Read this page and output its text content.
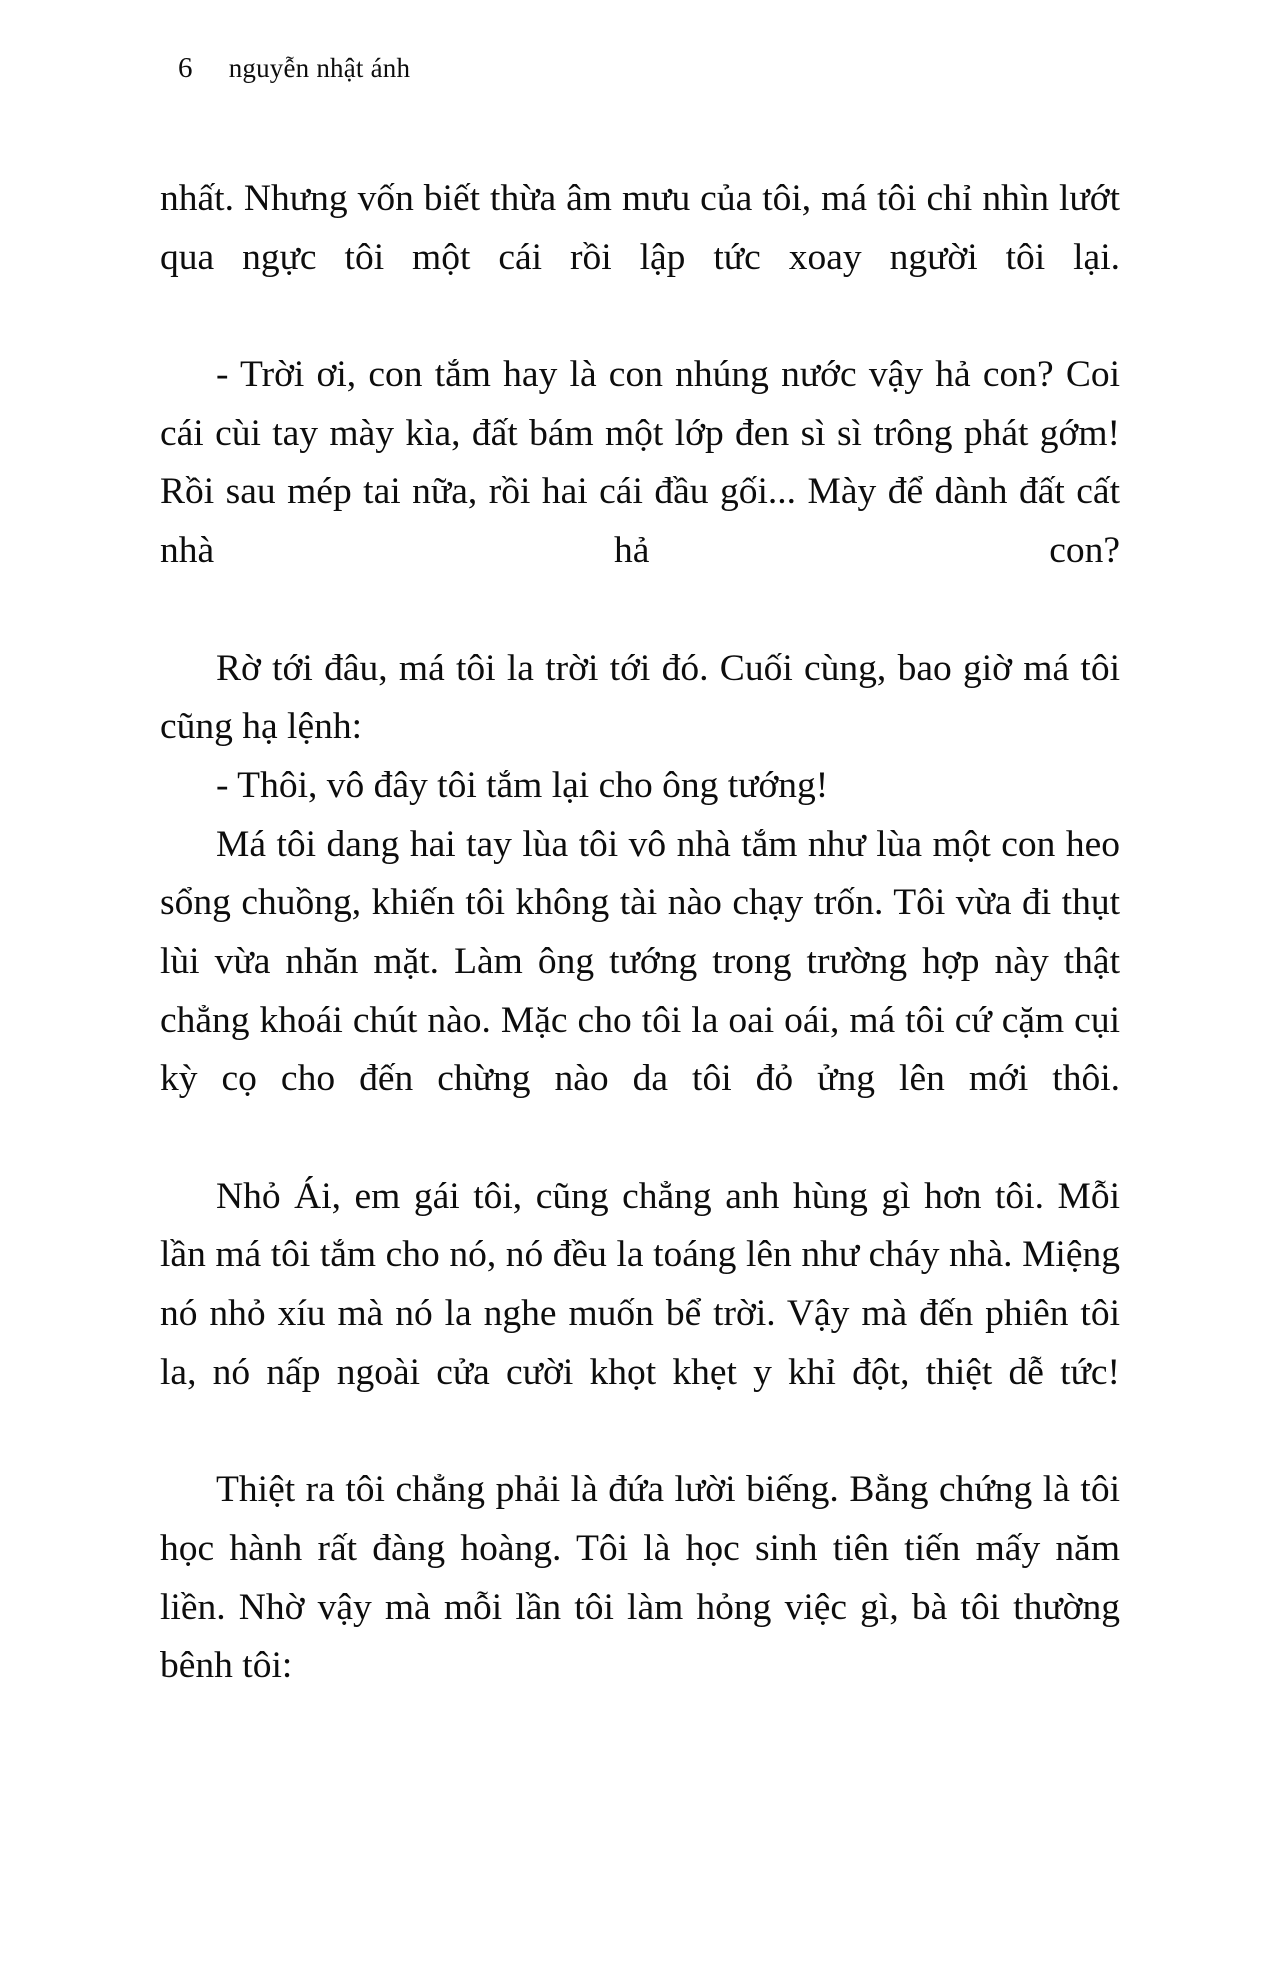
6 nguyễn nhật ánh

nhất. Nhưng vốn biết thừa âm mưu của tôi, má tôi chỉ nhìn lướt qua ngực tôi một cái rồi lập tức xoay người tôi lại.

- Trời ơi, con tắm hay là con nhúng nước vậy hả con? Coi cái cùi tay mày kìa, đất bám một lớp đen sì sì trông phát gớm! Rồi sau mép tai nữa, rồi hai cái đầu gối... Mày để dành đất cất nhà hả con?

Rờ tới đâu, má tôi la trời tới đó. Cuối cùng, bao giờ má tôi cũng hạ lệnh:

- Thôi, vô đây tôi tắm lại cho ông tướng!

Má tôi dang hai tay lùa tôi vô nhà tắm như lùa một con heo sổng chuồng, khiến tôi không tài nào chạy trốn. Tôi vừa đi thụt lùi vừa nhăn mặt. Làm ông tướng trong trường hợp này thật chẳng khoái chút nào. Mặc cho tôi la oai oái, má tôi cứ cặm cụi kỳ cọ cho đến chừng nào da tôi đỏ ửng lên mới thôi.

Nhỏ Ái, em gái tôi, cũng chẳng anh hùng gì hơn tôi. Mỗi lần má tôi tắm cho nó, nó đều la toáng lên như cháy nhà. Miệng nó nhỏ xíu mà nó la nghe muốn bể trời. Vậy mà đến phiên tôi la, nó nấp ngoài cửa cười khọt khẹt y khỉ đột, thiệt dễ tức!

Thiệt ra tôi chẳng phải là đứa lười biếng. Bằng chứng là tôi học hành rất đàng hoàng. Tôi là học sinh tiên tiến mấy năm liền. Nhờ vậy mà mỗi lần tôi làm hỏng việc gì, bà tôi thường bênh tôi:
